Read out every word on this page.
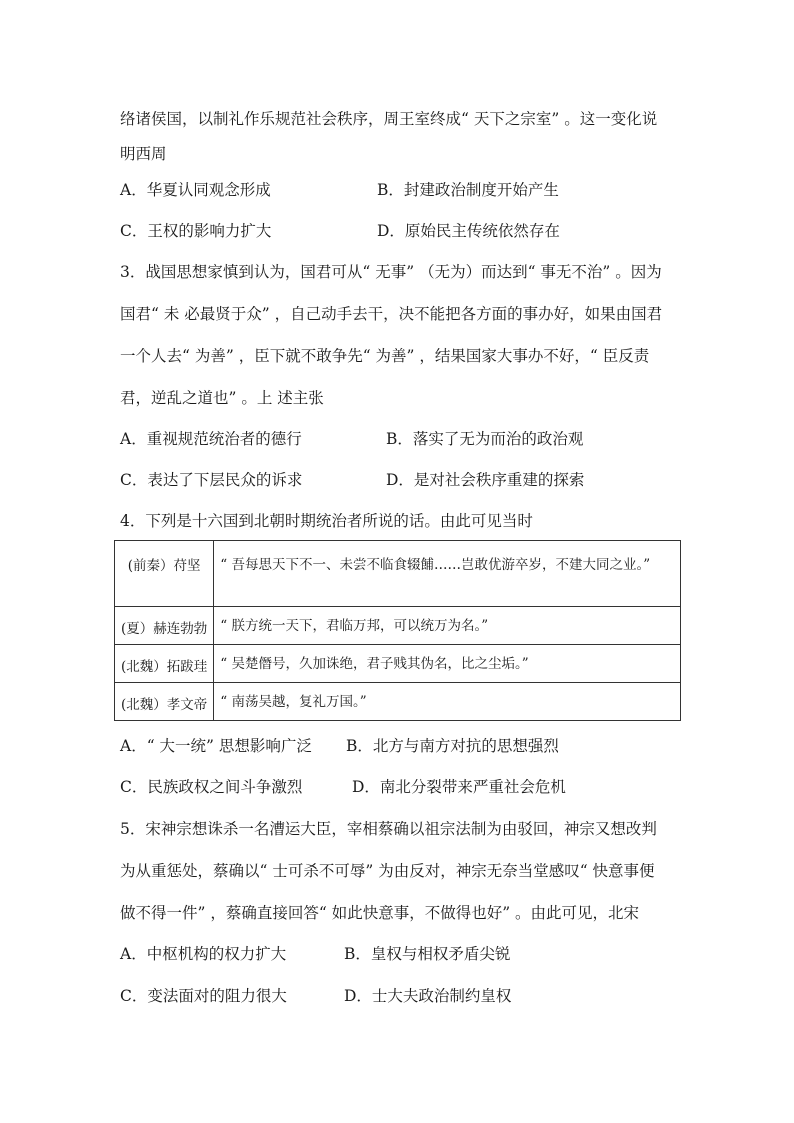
络诸侯国，以制礼作乐规范社会秩序，周王室终成“ 天下之宗室” 。这一变化说
明西周
A．华夏认同观念形成	B．封建政治制度开始产生
C．王权的影响力扩大	D．原始民主传统依然存在
3．战国思想家慎到认为，国君可从“ 无事” （无为）而达到“ 事无不治” 。因为
国君“ 未 必最贤于众” ，自己动手去干，决不能把各方面的事办好，如果由国君
一个人去“ 为善” ，臣下就不敢争先“ 为善” ，结果国家大事办不好，“ 臣反责
君，逆乱之道也” 。上 述主张
A．重视规范统治者的德行	B．落实了无为而治的政治观
C．表达了下层民众的诉求	D．是对社会秩序重建的探索
4．下列是十六国到北朝时期统治者所说的话。由此可见当时
(前秦）苻坚	“ 吾每思天下不一、未尝不临食辍餔……岂敢优游卒岁，不建大同之业。”
(夏）赫连勃勃	“ 朕方统一天下，君临万邦，可以统万为名。”
(北魏）拓跋珪	“ 吴楚僭号，久加诛绝，君子贱其伪名，比之尘垢。”
(北魏）孝文帝	“ 南荡吴越，复礼万国。”
A．“ 大一统” 思想影响广泛 B．北方与南方对抗的思想强烈
C．民族政权之间斗争激烈	D．南北分裂带来严重社会危机
5．宋神宗想诛杀一名漕运大臣，宰相蔡确以祖宗法制为由驳回，神宗又想改判
为从重惩处，蔡确以“ 士可杀不可辱” 为由反对，神宗无奈当堂感叹“ 快意事便
做不得一件” ，蔡确直接回答“ 如此快意事，不做得也好” 。由此可见，北宋
A．中枢机构的权力扩大	B．皇权与相权矛盾尖锐
C．变法面对的阻力很大	D．士大夫政治制约皇权
